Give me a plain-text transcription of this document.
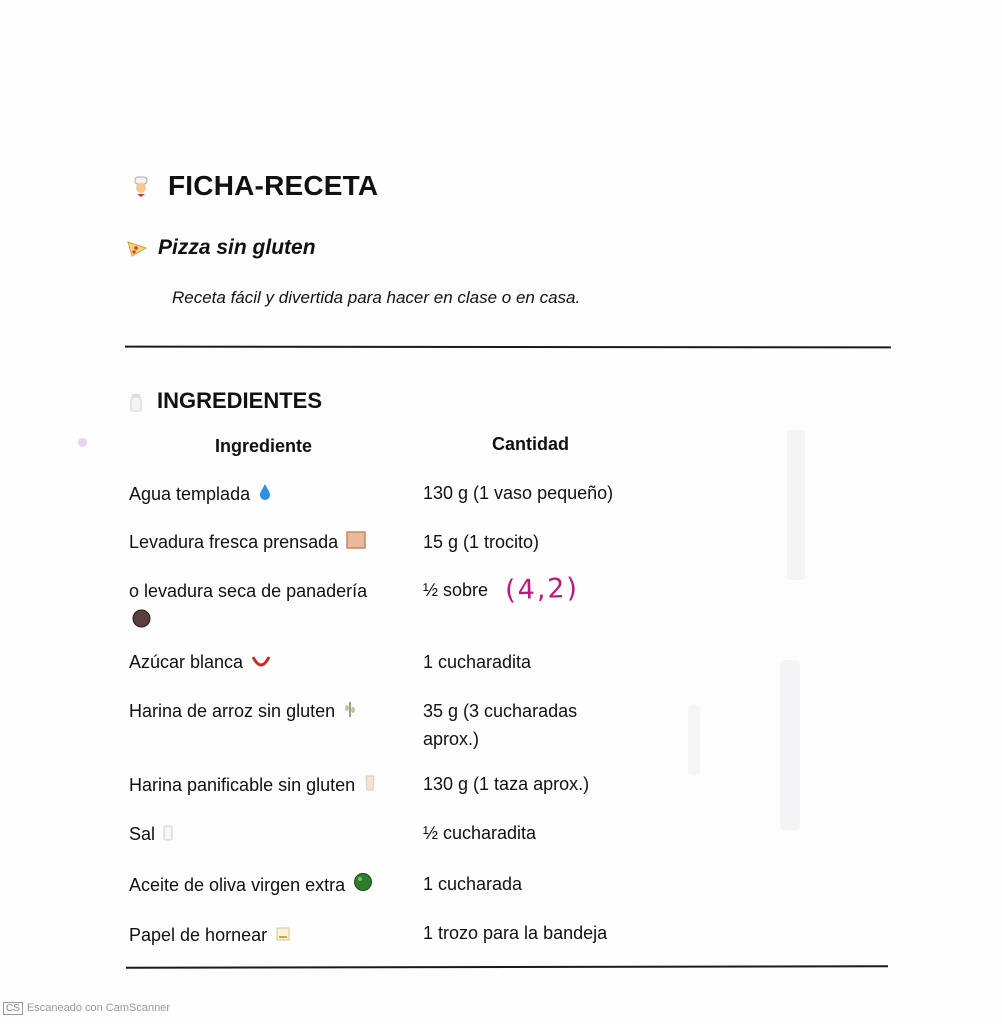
FICHA-RECETA
Pizza sin gluten
Receta fácil y divertida para hacer en clase o en casa.
INGREDIENTES
Ingrediente	Cantidad
Agua templada	130 g (1 vaso pequeño)
Levadura fresca prensada	15 g (1 trocito)
o levadura seca de panadería	½ sobre (4,2)
Azúcar blanca	1 cucharadita
Harina de arroz sin gluten	35 g (3 cucharadas
aprox.)
Harina panificable sin gluten	130 g (1 taza aprox.)
Sal	½ cucharadita
Aceite de oliva virgen extra	1 cucharada
Papel de hornear	1 trozo para la bandeja
CS Escaneado con CamScanner
